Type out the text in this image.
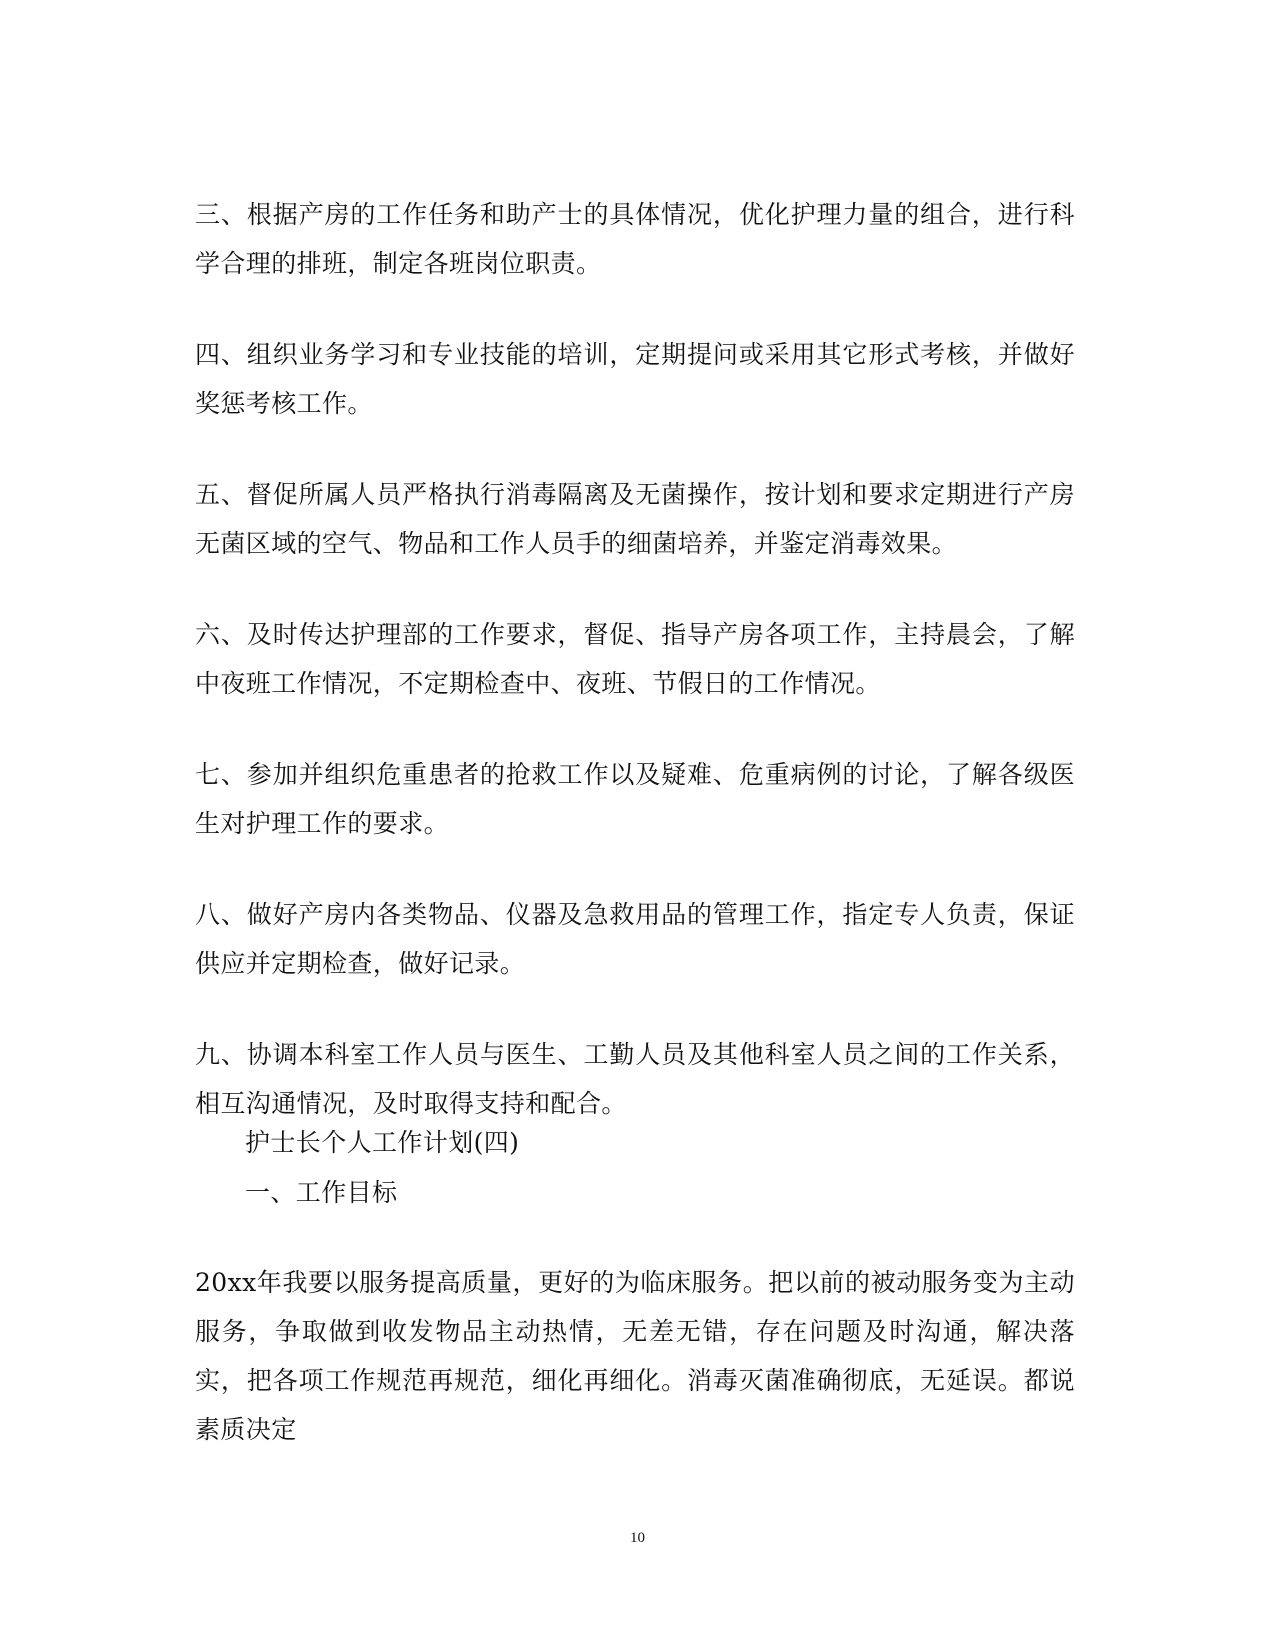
三、根据产房的工作任务和助产士的具体情况，优化护理力量的组合，进行科学合理的排班，制定各班岗位职责。

四、组织业务学习和专业技能的培训，定期提问或采用其它形式考核，并做好奖惩考核工作。

五、督促所属人员严格执行消毒隔离及无菌操作，按计划和要求定期进行产房无菌区域的空气、物品和工作人员手的细菌培养，并鉴定消毒效果。

六、及时传达护理部的工作要求，督促、指导产房各项工作，主持晨会，了解中夜班工作情况，不定期检查中、夜班、节假日的工作情况。

七、参加并组织危重患者的抢救工作以及疑难、危重病例的讨论，了解各级医生对护理工作的要求。

八、做好产房内各类物品、仪器及急救用品的管理工作，指定专人负责，保证供应并定期检查，做好记录。

九、协调本科室工作人员与医生、工勤人员及其他科室人员之间的工作关系，相互沟通情况，及时取得支持和配合。

护士长个人工作计划(四)

一、工作目标

20xx年我要以服务提高质量，更好的为临床服务。把以前的被动服务变为主动服务，争取做到收发物品主动热情，无差无错，存在问题及时沟通，解决落实，把各项工作规范再规范，细化再细化。消毒灭菌准确彻底，无延误。都说素质决定

10
